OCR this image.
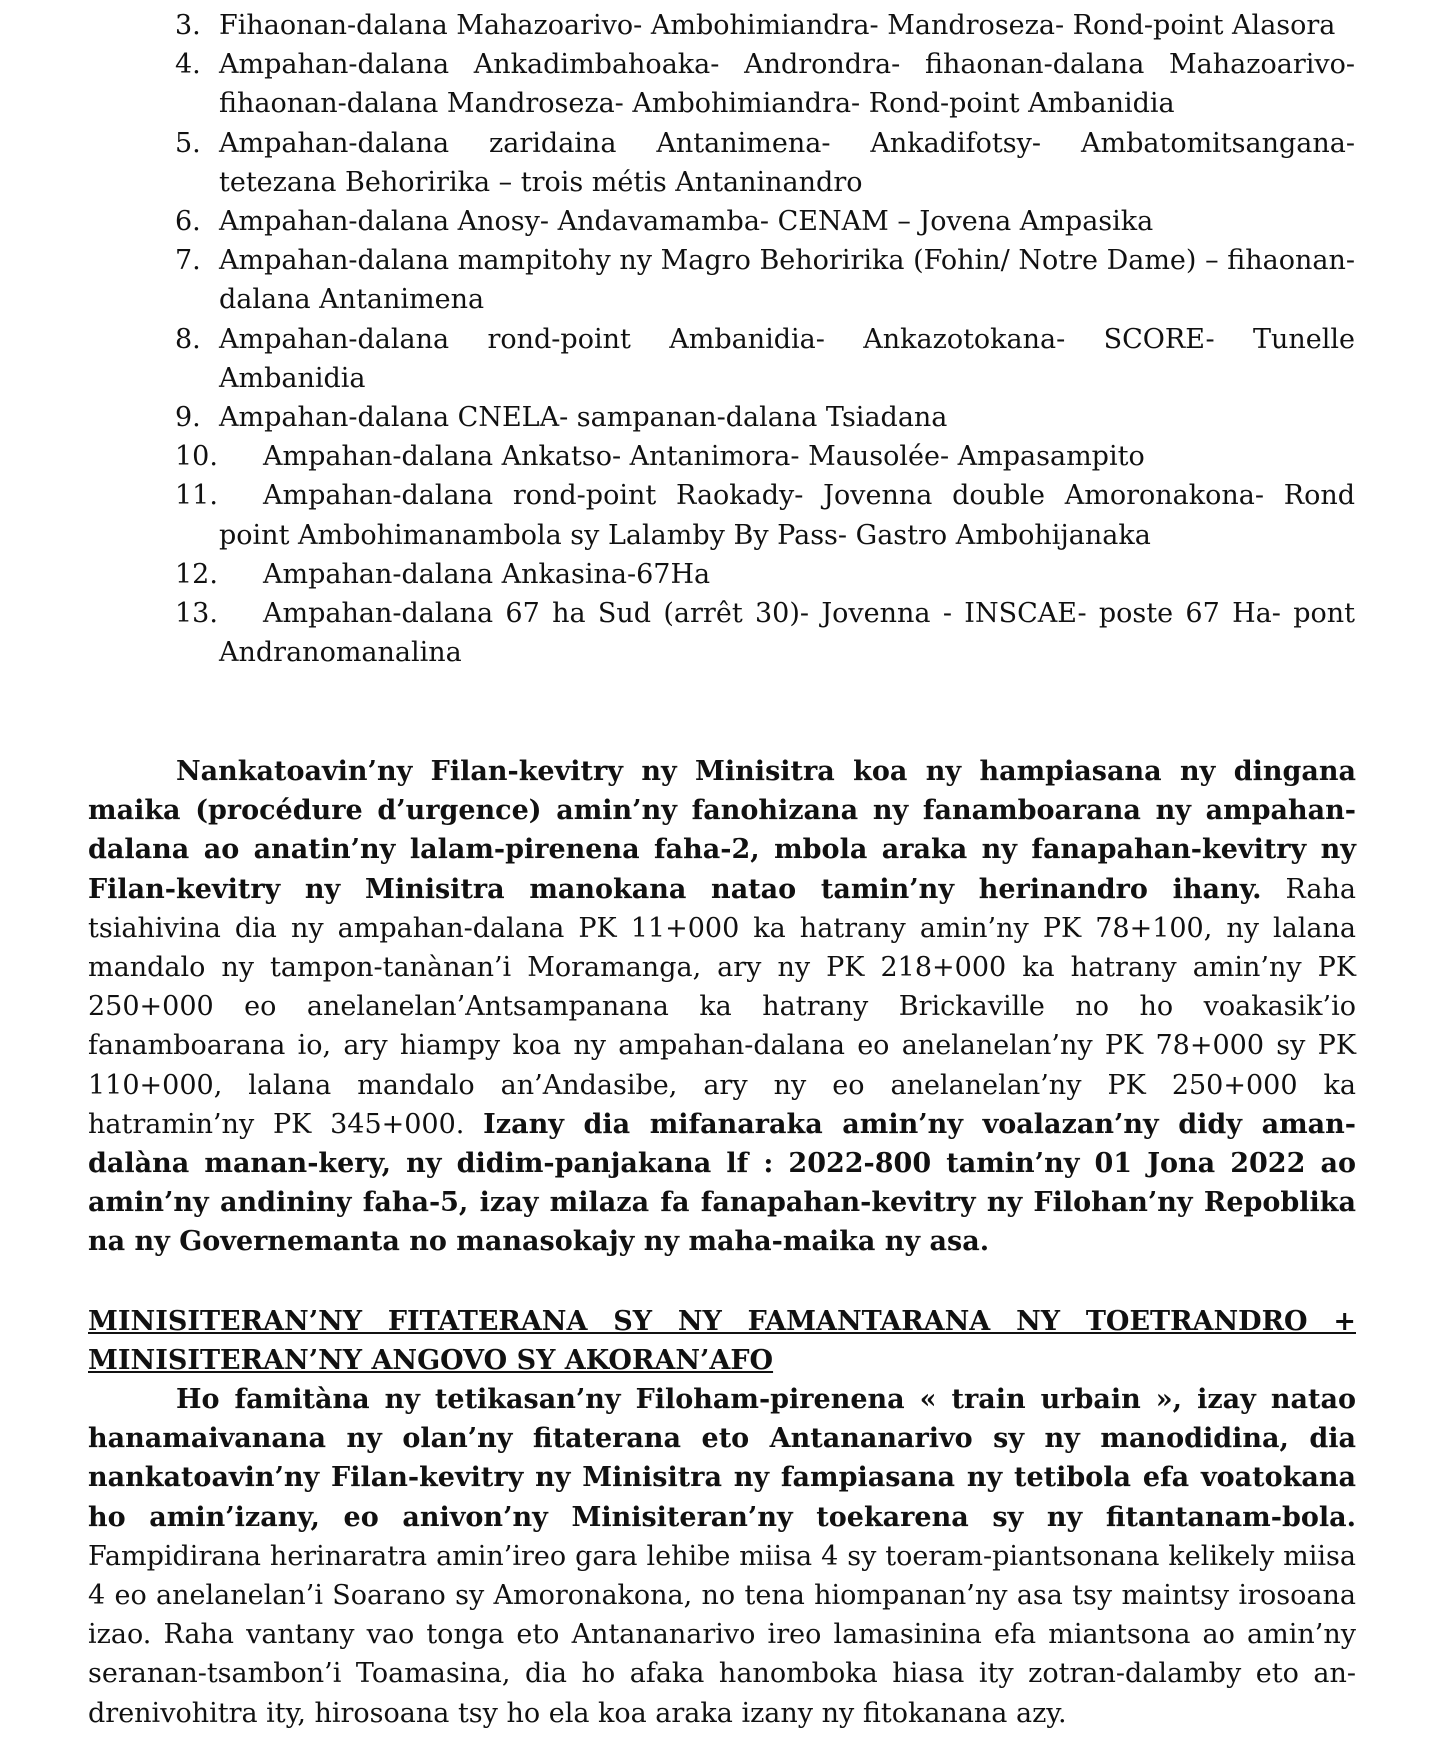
3. Fihaonan-dalana Mahazoarivo- Ambohimiandra- Mandroseza- Rond-point Alasora
4. Ampahan-dalana Ankadimbahoaka- Androndra- fihaonan-dalana Mahazoarivo- fihaonan-dalana Mandroseza- Ambohimiandra- Rond-point Ambanidia
5. Ampahan-dalana zaridaina Antanimena- Ankadifotsy- Ambatomitsangana- tetezana Behoririka – trois métis Antaninandro
6. Ampahan-dalana Anosy- Andavamamba- CENAM – Jovena Ampasika
7. Ampahan-dalana mampitohy ny Magro Behoririka (Fohin/ Notre Dame) – fihaonan-dalana Antanimena
8. Ampahan-dalana rond-point Ambanidia- Ankazotokana- SCORE- Tunelle Ambanidia
9. Ampahan-dalana CNELA- sampanan-dalana Tsiadana
10. Ampahan-dalana Ankatso- Antanimora- Mausolée- Ampasampito
11. Ampahan-dalana rond-point Raokady- Jovenna double Amoronakona- Rond point Ambohimanambola sy Lalamby By Pass- Gastro Ambohijanaka
12. Ampahan-dalana Ankasina-67Ha
13. Ampahan-dalana 67 ha Sud (arrêt 30)- Jovenna - INSCAE- poste 67 Ha- pont Andranomanalina

Nankatoavin’ny Filan-kevitry ny Minisitra koa ny hampiasana ny dingana maika (procédure d’urgence) amin’ny fanohizana ny fanamboarana ny ampahan-dalana ao anatin’ny lalam-pirenena faha-2, mbola araka ny fanapahan-kevitry ny Filan-kevitry ny Minisitra manokana natao tamin’ny herinandro ihany. Raha tsiahivina dia ny ampahan-dalana PK 11+000 ka hatrany amin’ny PK 78+100, ny lalana mandalo ny tampon-tanànan’i Moramanga, ary ny PK 218+000 ka hatrany amin’ny PK 250+000 eo anelanelan’Antsampanana ka hatrany Brickaville no ho voakasik’io fanamboarana io, ary hiampy koa ny ampahan-dalana eo anelanelan’ny PK 78+000 sy PK 110+000, lalana mandalo an’Andasibe, ary ny eo anelanelan’ny PK 250+000 ka hatramin’ny PK 345+000. Izany dia mifanaraka amin’ny voalazan’ny didy aman-dalàna manan-kery, ny didim-panjakana lf : 2022-800 tamin’ny 01 Jona 2022 ao amin’ny andininy faha-5, izay milaza fa fanapahan-kevitry ny Filohan’ny Repoblika na ny Governemanta no manasokajy ny maha-maika ny asa.

MINISITERAN’NY FITATERANA SY NY FAMANTARANA NY TOETRANDRO + MINISITERAN’NY ANGOVO SY AKORAN’AFO

Ho famitàna ny tetikasan’ny Filoham-pirenena « train urbain », izay natao hanamaivanana ny olan’ny fitaterana eto Antananarivo sy ny manodidina, dia nankatoavin’ny Filan-kevitry ny Minisitra ny fampiasana ny tetibola efa voatokana ho amin’izany, eo anivon’ny Minisiteran’ny toekarena sy ny fitantanam-bola. Fampidirana herinaratra amin’ireo gara lehibe miisa 4 sy toeram-piantsonana kelikely miisa 4 eo anelanelan’i Soarano sy Amoronakona, no tena hiompanan’ny asa tsy maintsy irosoana izao. Raha vantany vao tonga eto Antananarivo ireo lamasinina efa miantsona ao amin’ny seranan-tsambon’i Toamasina, dia ho afaka hanomboka hiasa ity zotran-dalamby eto an-drenivohitra ity, hirosoana tsy ho ela koa araka izany ny fitokanana azy.
